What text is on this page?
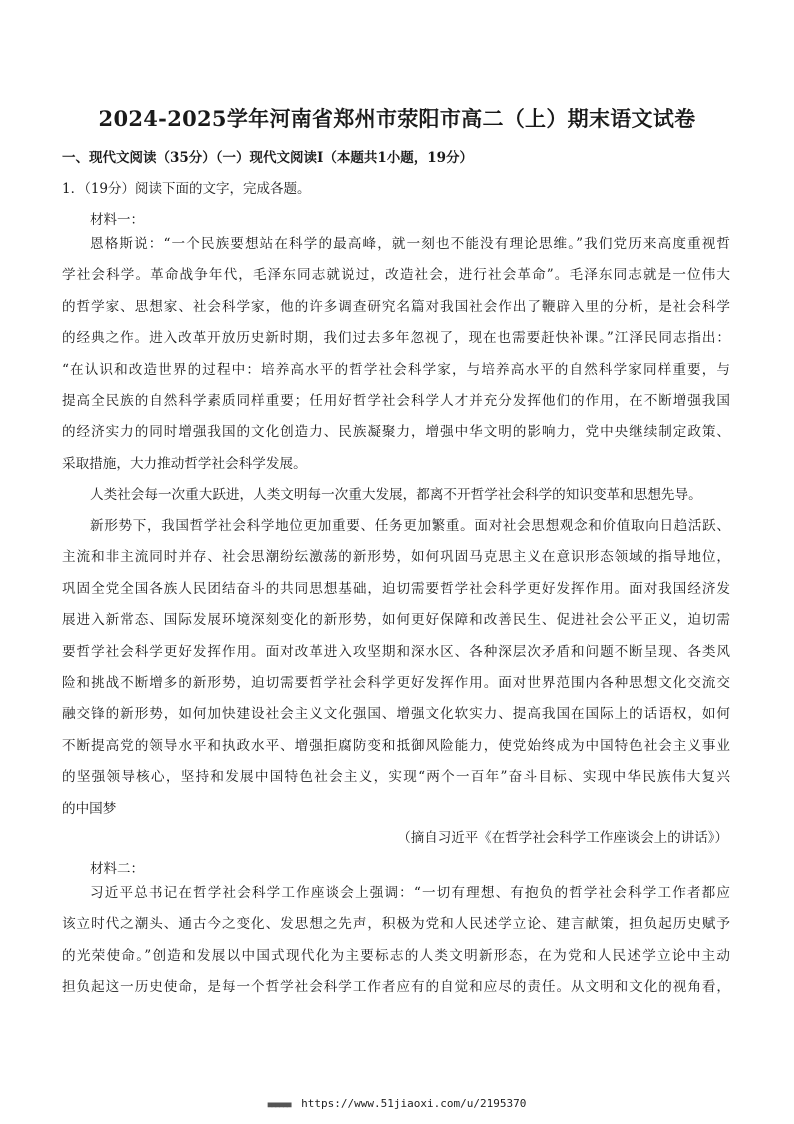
2024-2025学年河南省郑州市荥阳市高二（上）期末语文试卷

一、现代文阅读（35分）（一）现代文阅读Ⅰ（本题共1小题，19分）

1．（19分）阅读下面的文字，完成各题。

材料一：

恩格斯说：“一个民族要想站在科学的最高峰，就一刻也不能没有理论思维。”我们党历来高度重视哲
学社会科学。革命战争年代，毛泽东同志就说过，改造社会，进行社会革命”。毛泽东同志就是一位伟大
的哲学家、思想家、社会科学家，他的许多调查研究名篇对我国社会作出了鞭辟入里的分析，是社会科学
的经典之作。进入改革开放历史新时期，我们过去多年忽视了，现在也需要赶快补课。”江泽民同志指出：
“在认识和改造世界的过程中：培养高水平的哲学社会科学家，与培养高水平的自然科学家同样重要，与
提高全民族的自然科学素质同样重要；任用好哲学社会科学人才并充分发挥他们的作用，在不断增强我国
的经济实力的同时增强我国的文化创造力、民族凝聚力，增强中华文明的影响力，党中央继续制定政策、
采取措施，大力推动哲学社会科学发展。
人类社会每一次重大跃进，人类文明每一次重大发展，都离不开哲学社会科学的知识变革和思想先导。
新形势下，我国哲学社会科学地位更加重要、任务更加繁重。面对社会思想观念和价值取向日趋活跃、
主流和非主流同时并存、社会思潮纷纭激荡的新形势，如何巩固马克思主义在意识形态领域的指导地位，
巩固全党全国各族人民团结奋斗的共同思想基础，迫切需要哲学社会科学更好发挥作用。面对我国经济发
展进入新常态、国际发展环境深刻变化的新形势，如何更好保障和改善民生、促进社会公平正义，迫切需
要哲学社会科学更好发挥作用。面对改革进入攻坚期和深水区、各种深层次矛盾和问题不断呈现、各类风
险和挑战不断增多的新形势，迫切需要哲学社会科学更好发挥作用。面对世界范围内各种思想文化交流交
融交锋的新形势，如何加快建设社会主义文化强国、增强文化软实力、提高我国在国际上的话语权，如何
不断提高党的领导水平和执政水平、增强拒腐防变和抵御风险能力，使党始终成为中国特色社会主义事业
的坚强领导核心，坚持和发展中国特色社会主义，实现“两个一百年”奋斗目标、实现中华民族伟大复兴
的中国梦

（摘自习近平《在哲学社会科学工作座谈会上的讲话》）

材料二：

习近平总书记在哲学社会科学工作座谈会上强调：“一切有理想、有抱负的哲学社会科学工作者都应
该立时代之潮头、通古今之变化、发思想之先声，积极为党和人民述学立论、建言献策，担负起历史赋予
的光荣使命。”创造和发展以中国式现代化为主要标志的人类文明新形态，在为党和人民述学立论中主动
担负起这一历史使命，是每一个哲学社会科学工作者应有的自觉和应尽的责任。从文明和文化的视角看，
■■■■■■ https://www.51jiaoxi.com/u/2195370
